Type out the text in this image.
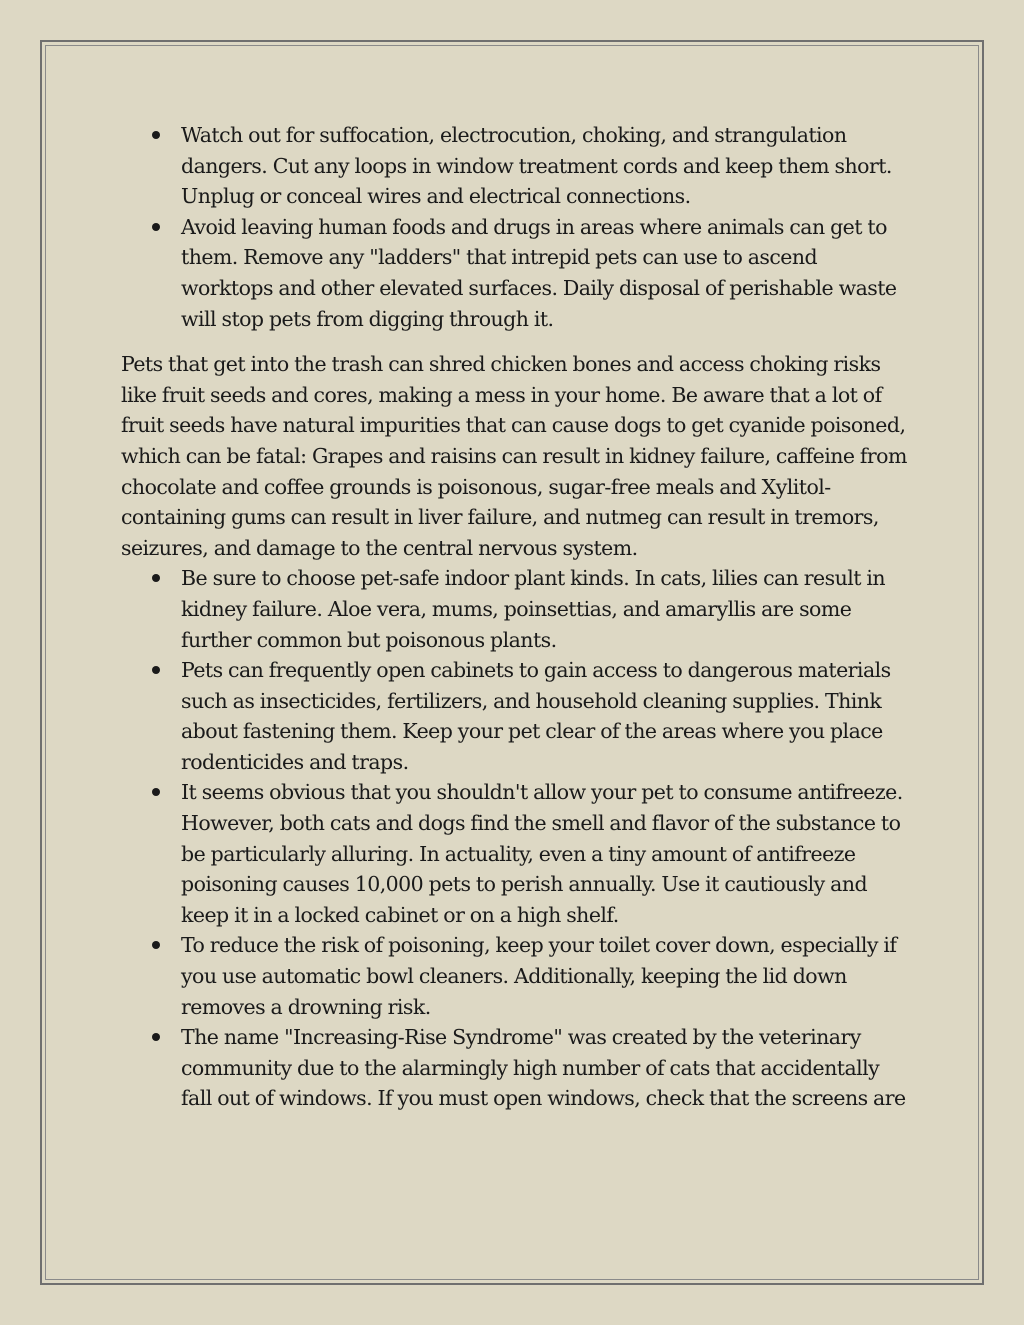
Watch out for suffocation, electrocution, choking, and strangulation dangers. Cut any loops in window treatment cords and keep them short. Unplug or conceal wires and electrical connections.
Avoid leaving human foods and drugs in areas where animals can get to them. Remove any "ladders" that intrepid pets can use to ascend worktops and other elevated surfaces. Daily disposal of perishable waste will stop pets from digging through it.

Pets that get into the trash can shred chicken bones and access choking risks like fruit seeds and cores, making a mess in your home. Be aware that a lot of fruit seeds have natural impurities that can cause dogs to get cyanide poisoned, which can be fatal: Grapes and raisins can result in kidney failure, caffeine from chocolate and coffee grounds is poisonous, sugar-free meals and Xylitol-containing gums can result in liver failure, and nutmeg can result in tremors, seizures, and damage to the central nervous system.

Be sure to choose pet-safe indoor plant kinds. In cats, lilies can result in kidney failure. Aloe vera, mums, poinsettias, and amaryllis are some further common but poisonous plants.
Pets can frequently open cabinets to gain access to dangerous materials such as insecticides, fertilizers, and household cleaning supplies. Think about fastening them. Keep your pet clear of the areas where you place rodenticides and traps.
It seems obvious that you shouldn't allow your pet to consume antifreeze. However, both cats and dogs find the smell and flavor of the substance to be particularly alluring. In actuality, even a tiny amount of antifreeze poisoning causes 10,000 pets to perish annually. Use it cautiously and keep it in a locked cabinet or on a high shelf.
To reduce the risk of poisoning, keep your toilet cover down, especially if you use automatic bowl cleaners. Additionally, keeping the lid down removes a drowning risk.
The name "Increasing-Rise Syndrome" was created by the veterinary community due to the alarmingly high number of cats that accidentally fall out of windows. If you must open windows, check that the screens are
